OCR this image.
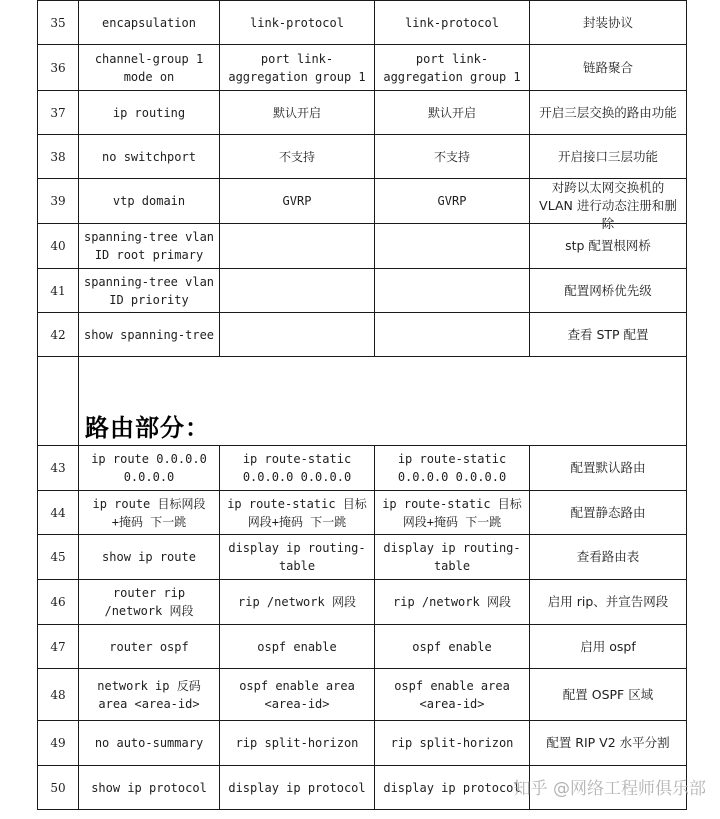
35	encapsulation	link-protocol	link-protocol	封装协议
36	channel-group 1 mode on	port link-aggregation group 1	port link-aggregation group 1	链路聚合
37	ip routing	默认开启	默认开启	开启三层交换的路由功能
38	no switchport	不支持	不支持	开启接口三层功能
39	vtp domain	GVRP	GVRP	对跨以太网交换机的 VLAN 进行动态注册和删除

40	spanning-tree vlan ID root primary			stp 配置根网桥
41	spanning-tree vlan ID priority			配置网桥优先级
42	show spanning-tree			查看 STP 配置
	路由部分：			
43	ip route 0.0.0.0 0.0.0.0	ip route-static 0.0.0.0 0.0.0.0	ip route-static 0.0.0.0 0.0.0.0	配置默认路由
44	ip route 目标网段+掩码 下一跳	ip route-static 目标网段+掩码 下一跳	ip route-static 目标网段+掩码 下一跳	配置静态路由
45	show ip route	display ip routing-table	display ip routing-table	查看路由表
46	router rip /network 网段	rip /network 网段	rip /network 网段	启用 rip、并宣告网段
47	router ospf	ospf enable	ospf enable	启用 ospf
48	network ip 反码 area <area-id>	ospf enable area <area-id>	ospf enable area <area-id>	配置 OSPF 区域
49	no auto-summary	rip split-horizon	rip split-horizon	配置 RIP V2 水平分割
50	show ip protocol	display ip protocol	display ip protocol	
知乎 @网络工程师俱乐部
